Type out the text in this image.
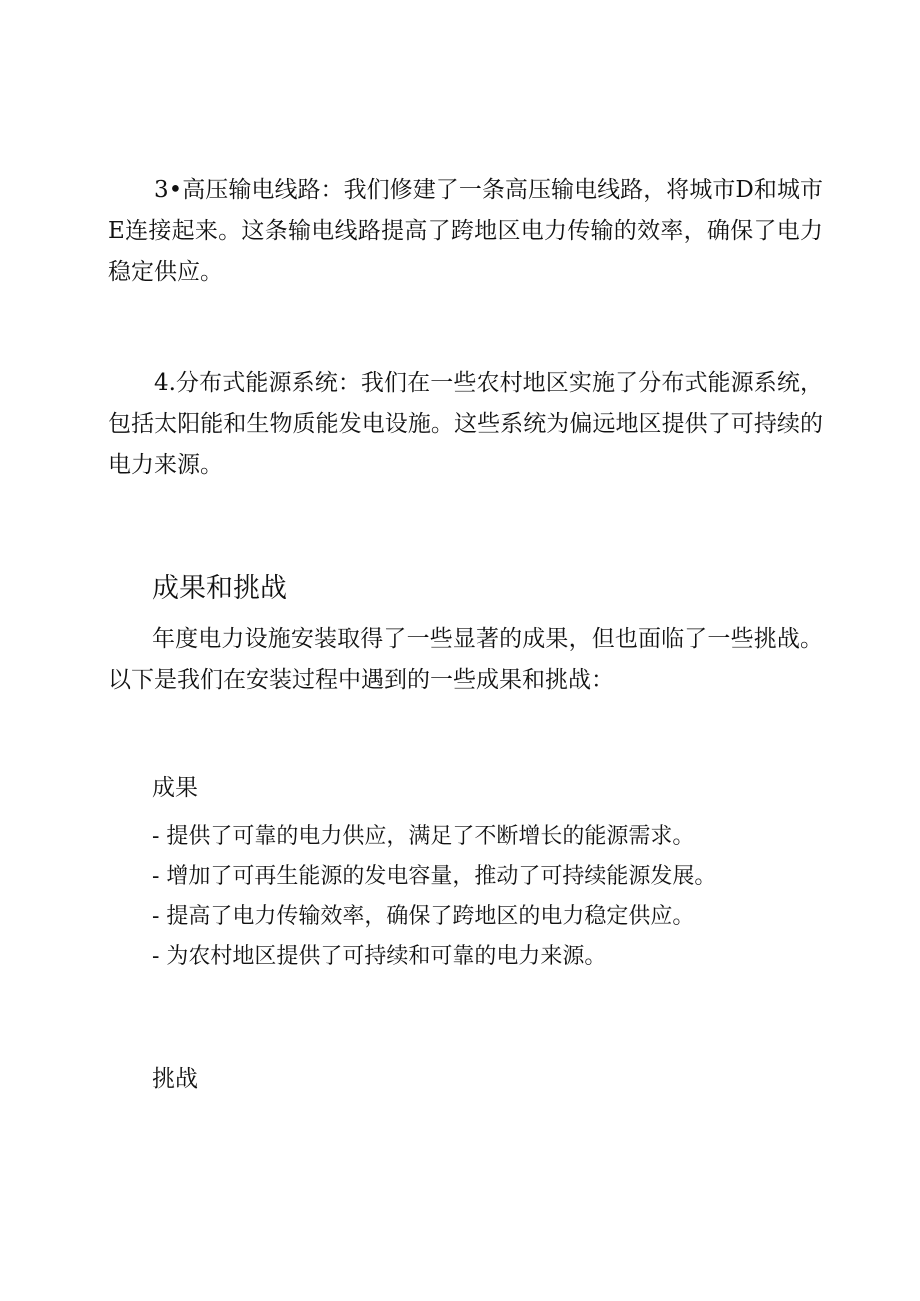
3•高压输电线路：我们修建了一条高压输电线路，将城市D和城市E连接起来。这条输电线路提高了跨地区电力传输的效率，确保了电力稳定供应。

4.分布式能源系统：我们在一些农村地区实施了分布式能源系统，包括太阳能和生物质能发电设施。这些系统为偏远地区提供了可持续的电力来源。

成果和挑战

年度电力设施安装取得了一些显著的成果，但也面临了一些挑战。以下是我们在安装过程中遇到的一些成果和挑战：

成果
- 提供了可靠的电力供应，满足了不断增长的能源需求。
- 增加了可再生能源的发电容量，推动了可持续能源发展。
- 提高了电力传输效率，确保了跨地区的电力稳定供应。
- 为农村地区提供了可持续和可靠的电力来源。
挑战
